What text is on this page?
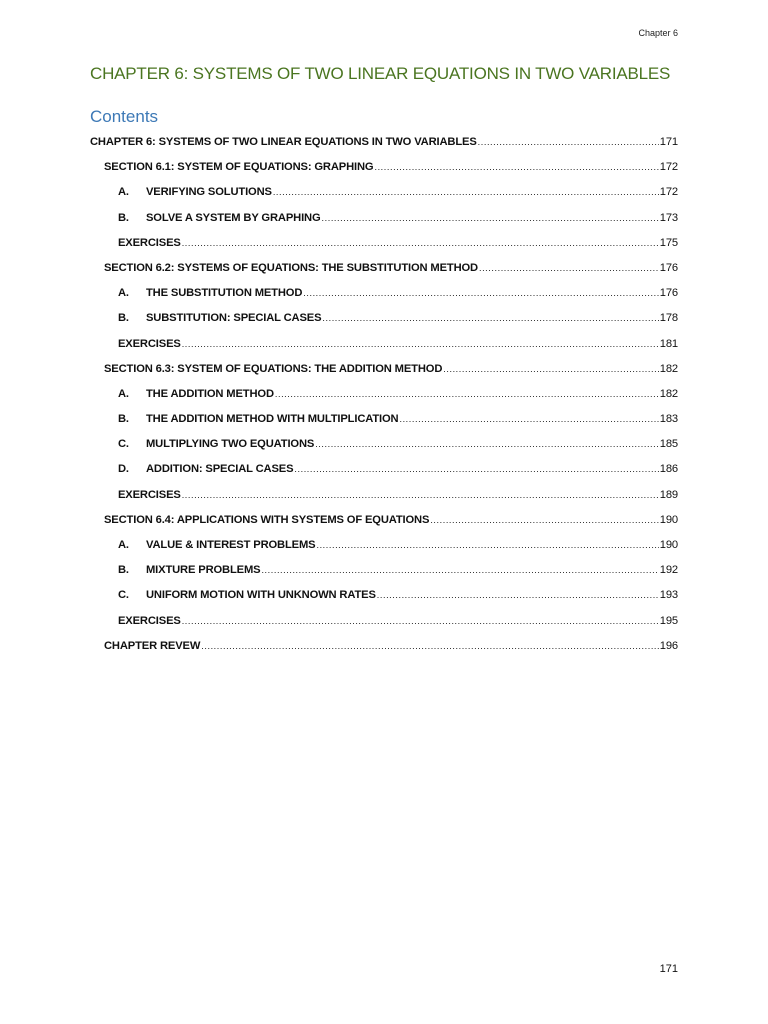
Chapter 6
CHAPTER 6: SYSTEMS OF TWO LINEAR EQUATIONS IN TWO VARIABLES
Contents
CHAPTER 6: SYSTEMS OF TWO LINEAR EQUATIONS IN TWO VARIABLES .....	171
SECTION 6.1: SYSTEM OF EQUATIONS: GRAPHING .....	172
A.	VERIFYING SOLUTIONS .....	172
B.	SOLVE A SYSTEM BY GRAPHING .....	173
EXERCISES .....	175
SECTION 6.2: SYSTEMS OF EQUATIONS: THE SUBSTITUTION METHOD .....	176
A.	THE SUBSTITUTION METHOD .....	176
B.	SUBSTITUTION: SPECIAL CASES .....	178
EXERCISES .....	181
SECTION 6.3: SYSTEM OF EQUATIONS: THE ADDITION METHOD .....	182
A.	THE ADDITION METHOD .....	182
B.	THE ADDITION METHOD WITH MULTIPLICATION .....	183
C.	MULTIPLYING TWO EQUATIONS .....	185
D.	ADDITION: SPECIAL CASES .....	186
EXERCISES .....	189
SECTION 6.4: APPLICATIONS WITH SYSTEMS OF EQUATIONS .....	190
A.	VALUE & INTEREST PROBLEMS .....	190
B.	MIXTURE PROBLEMS .....	192
C.	UNIFORM MOTION WITH UNKNOWN RATES .....	193
EXERCISES .....	195
CHAPTER REVEW .....	196
171
